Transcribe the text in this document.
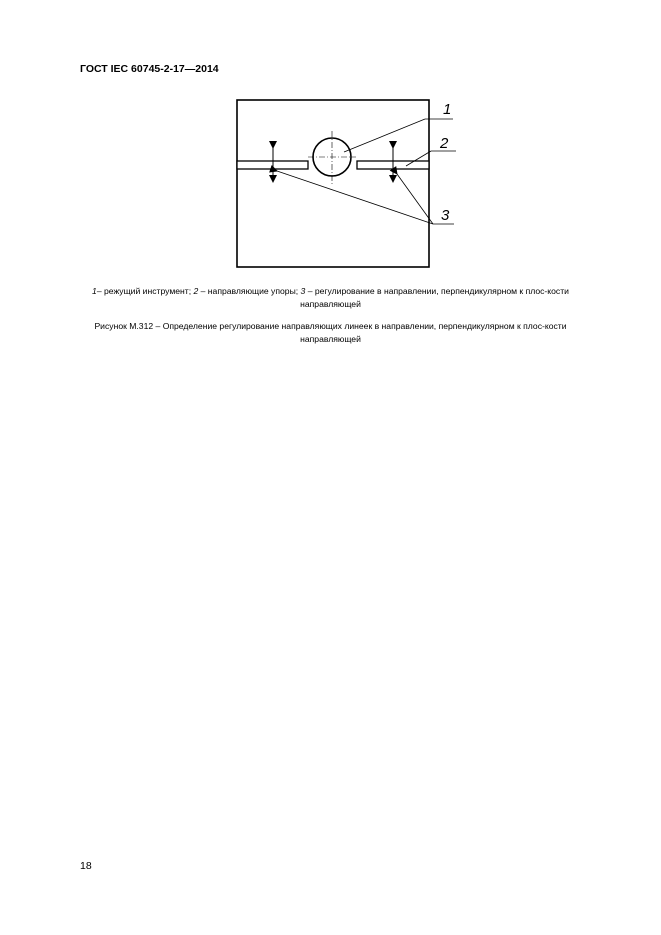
ГОСТ IEC 60745-2-17—2014
1
2
3
1– режущий инструмент; 2 – направляющие упоры; 3 – регулирование в направлении, перпендикулярном к плос-кости направляющей
Рисунок М.312 – Определение регулирование направляющих линеек в направлении, перпендикулярном к плос-кости направляющей
18
